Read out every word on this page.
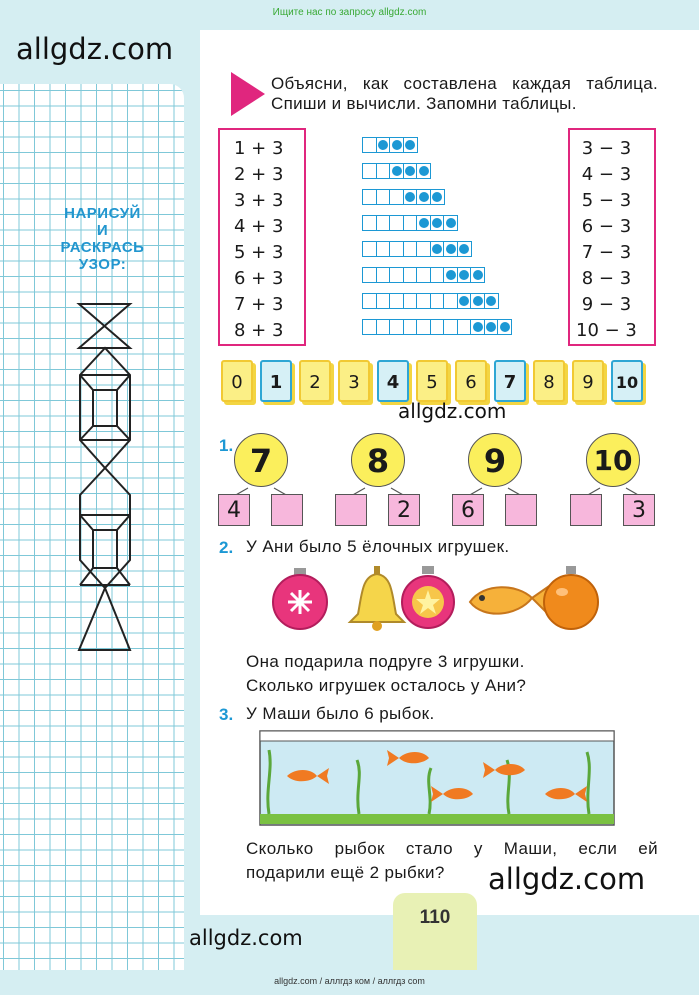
Ищите нас по запросу allgdz.com
allgdz.com
НАРИСУЙ
И
РАСКРАСЬ
УЗОР:
Объясни, как составлена каждая таблица. Спиши и вычисли. Запомни таблицы.
1 + 3
2 + 3
3 + 3
4 + 3
5 + 3
6 + 3
7 + 3
8 + 3
3 − 3
4 − 3
5 − 3
6 − 3
7 − 3
8 − 3
9 − 3
10 − 3
0	1	2	3	4	5	6	7	8	9	10
allgdz.com
1. 7
4
8
2
9
6
10
3
2. У Ани было 5 ёлочных игрушек.
Она подарила подруге 3 игрушки.
Сколько игрушек осталось у Ани?
3. У Маши было 6 рыбок.
Сколько рыбок стало у Маши, если ей
подарили ещё 2 рыбки? allgdz.com
110
allgdz.com
allgdz.com / аллгдз ком / аллгдз com
